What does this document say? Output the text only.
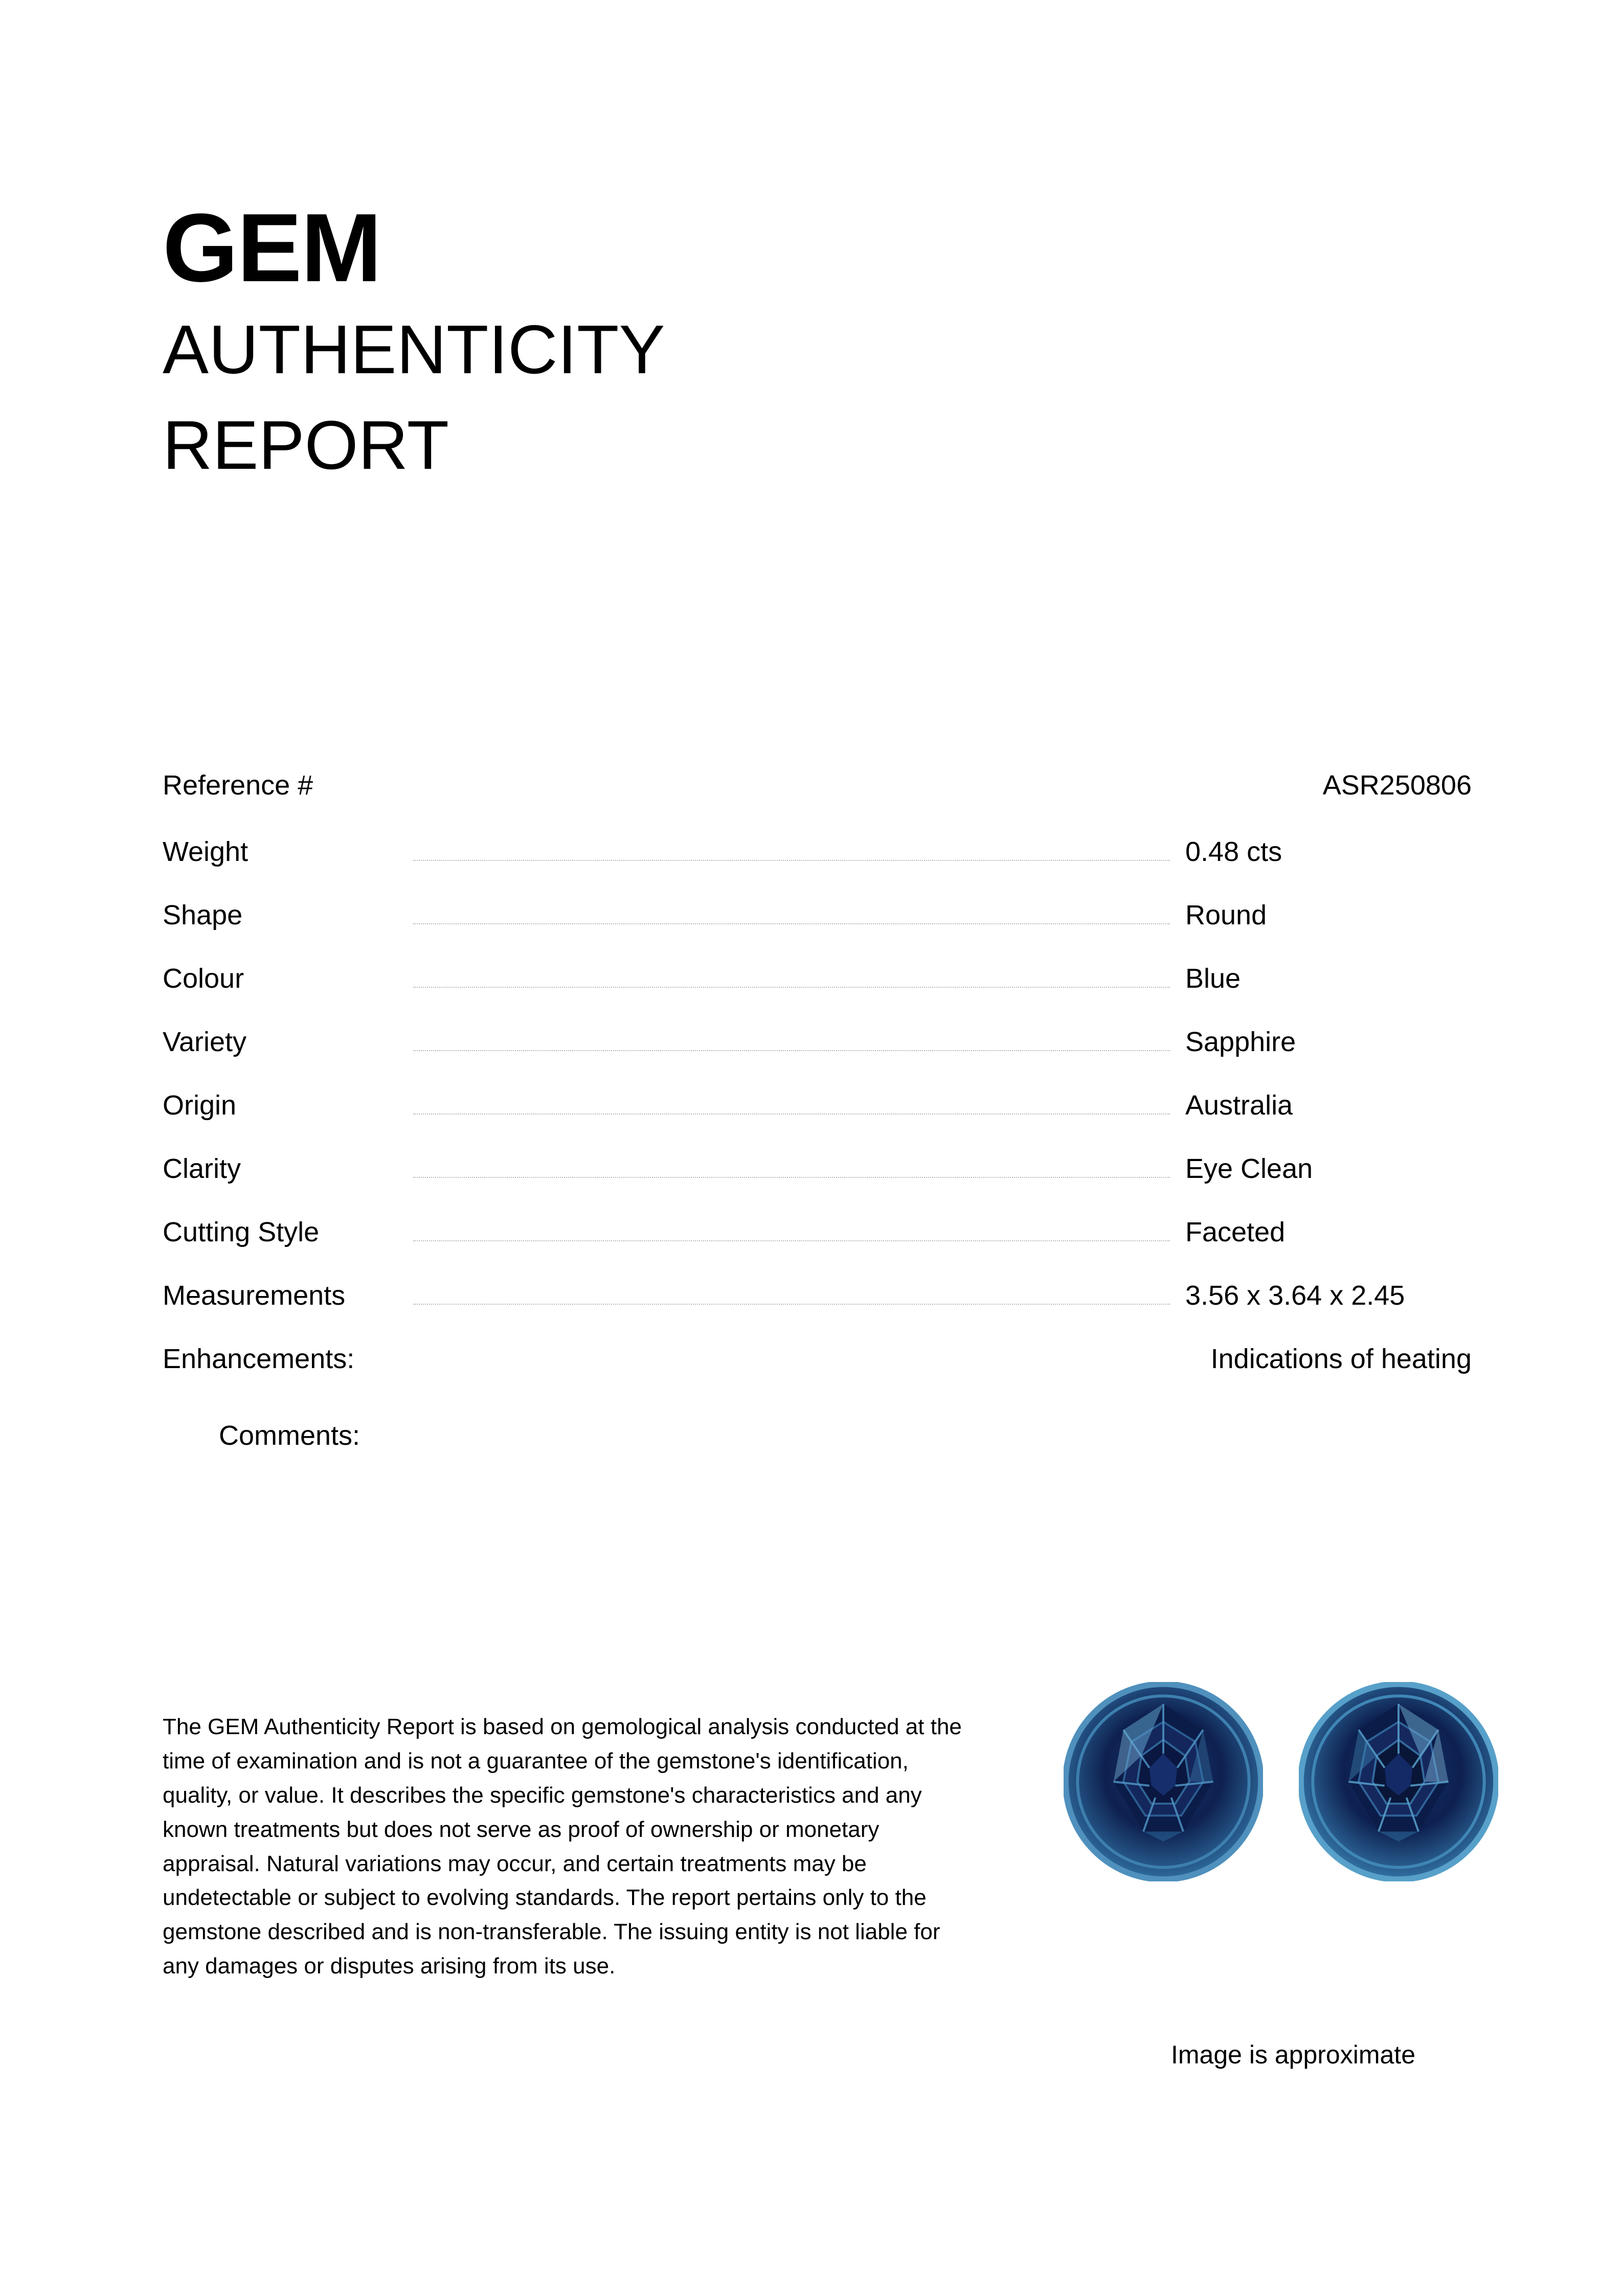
GEM
AUTHENTICITY
REPORT
Reference #	ASR250806
Weight	0.48 cts
Shape	Round
Colour	Blue
Variety	Sapphire
Origin	Australia
Clarity	Eye Clean
Cutting Style	Faceted
Measurements	3.56 x 3.64 x 2.45
Enhancements:	Indications of heating
Comments:
The GEM Authenticity Report is based on gemological analysis conducted at the time of examination and is not a guarantee of the gemstone's identification, quality, or value. It describes the specific gemstone's characteristics and any known treatments but does not serve as proof of ownership or monetary appraisal. Natural variations may occur, and certain treatments may be undetectable or subject to evolving standards. The report pertains only to the gemstone described and is non-transferable. The issuing entity is not liable for any damages or disputes arising from its use.
Image is approximate
